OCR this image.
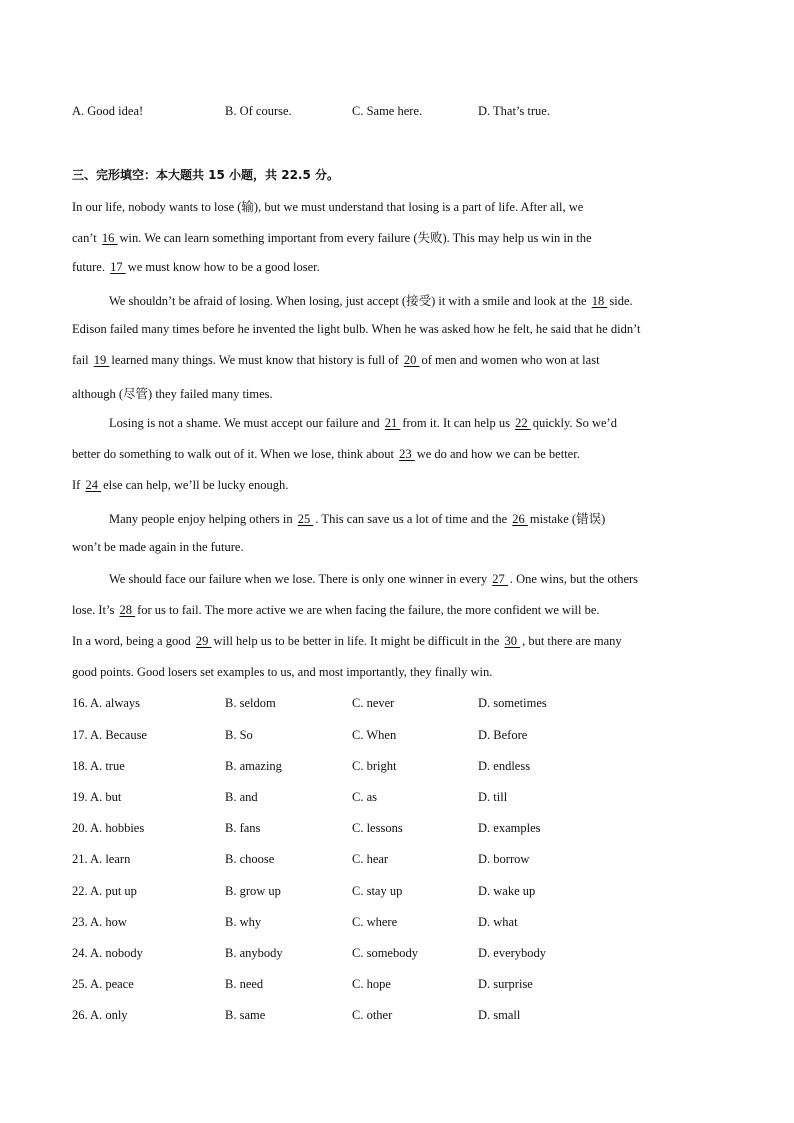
A. Good idea!	B. Of course.	C. Same here.	D. That’s true.
三、完形填空：本大题共 15 小题，共 22.5 分。
In our life, nobody wants to lose (输), but we must understand that losing is a part of life. After all, we
can’t 16 win. We can learn something important from every failure (失败). This may help us win in the
future. 17 we must know how to be a good loser.
We shouldn’t be afraid of losing. When losing, just accept (接受) it with a smile and look at the 18 side.
Edison failed many times before he invented the light bulb. When he was asked how he felt, he said that he didn’t
fail 19 learned many things. We must know that history is full of 20 of men and women who won at last
although (尽管) they failed many times.
Losing is not a shame. We must accept our failure and 21 from it. It can help us 22 quickly. So we’d
better do something to walk out of it. When we lose, think about 23 we do and how we can be better.
If 24 else can help, we’ll be lucky enough.
Many people enjoy helping others in 25 . This can save us a lot of time and the 26 mistake (错误)
won’t be made again in the future.
We should face our failure when we lose. There is only one winner in every 27 . One wins, but the others
lose. It’s 28 for us to fail. The more active we are when facing the failure, the more confident we will be.
In a word, being a good 29 will help us to be better in life. It might be difficult in the 30 , but there are many
good points. Good losers set examples to us, and most importantly, they finally win.
16. A. always	B. seldom	C. never	D. sometimes
17. A. Because	B. So	C. When	D. Before
18. A. true	B. amazing	C. bright	D. endless
19. A. but	B. and	C. as	D. till
20. A. hobbies	B. fans	C. lessons	D. examples
21. A. learn	B. choose	C. hear	D. borrow
22. A. put up	B. grow up	C. stay up	D. wake up
23. A. how	B. why	C. where	D. what
24. A. nobody	B. anybody	C. somebody	D. everybody
25. A. peace	B. need	C. hope	D. surprise
26. A. only	B. same	C. other	D. small
